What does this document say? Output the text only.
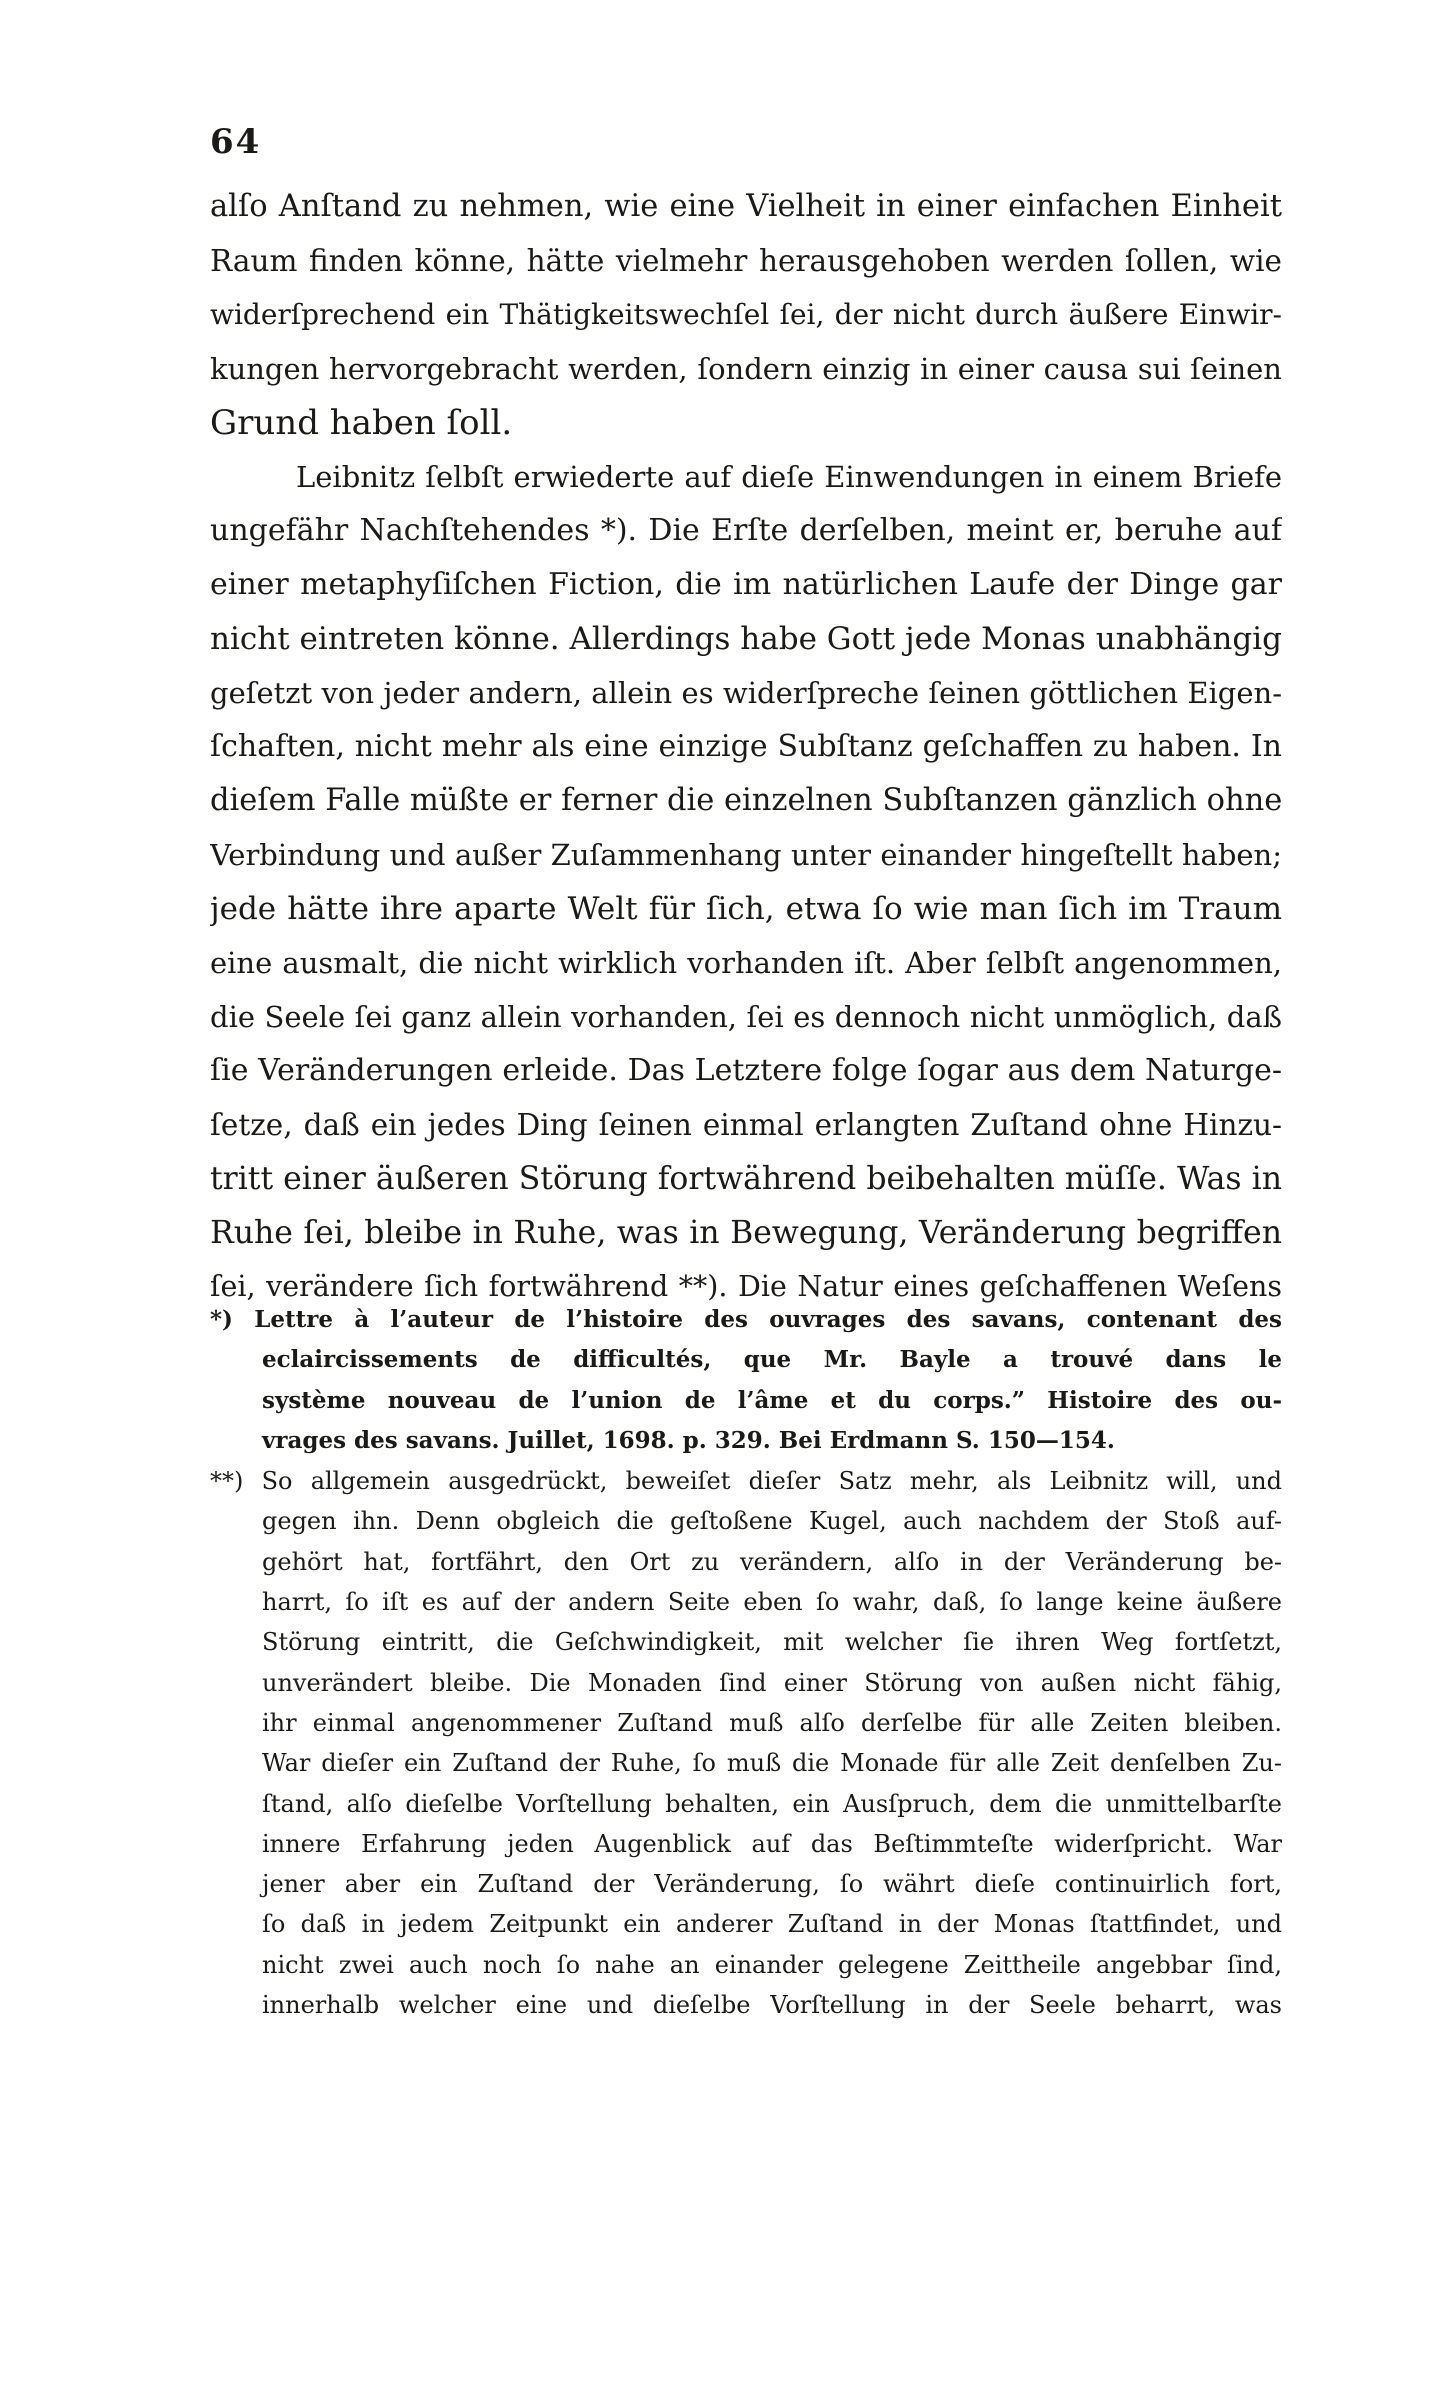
64
alſo Anſtand zu nehmen, wie eine Vielheit in einer einfachen Einheit
Raum finden könne, hätte vielmehr herausgehoben werden ſollen, wie
widerſprechend ein Thätigkeitswechſel ſei, der nicht durch äußere Einwir-
kungen hervorgebracht werden, ſondern einzig in einer causa sui ſeinen
Grund haben ſoll.
Leibnitz ſelbſt erwiederte auf dieſe Einwendungen in einem Briefe
ungefähr Nachſtehendes *). Die Erſte derſelben, meint er, beruhe auf
einer metaphyſiſchen Fiction, die im natürlichen Laufe der Dinge gar
nicht eintreten könne. Allerdings habe Gott jede Monas unabhängig
geſetzt von jeder andern, allein es widerſpreche ſeinen göttlichen Eigen-
ſchaften, nicht mehr als eine einzige Subſtanz geſchaffen zu haben. In
dieſem Falle müßte er ferner die einzelnen Subſtanzen gänzlich ohne
Verbindung und außer Zuſammenhang unter einander hingeſtellt haben;
jede hätte ihre aparte Welt für ſich, etwa ſo wie man ſich im Traum
eine ausmalt, die nicht wirklich vorhanden iſt. Aber ſelbſt angenommen,
die Seele ſei ganz allein vorhanden, ſei es dennoch nicht unmöglich, daß
ſie Veränderungen erleide. Das Letztere folge ſogar aus dem Naturge-
ſetze, daß ein jedes Ding ſeinen einmal erlangten Zuſtand ohne Hinzu-
tritt einer äußeren Störung fortwährend beibehalten müſſe. Was in
Ruhe ſei, bleibe in Ruhe, was in Bewegung, Veränderung begriffen
ſei, verändere ſich fortwährend **). Die Natur eines geſchaffenen Weſens
*) Lettre à l’auteur de l’histoire des ouvrages des savans, contenant des
eclaircissements de difficultés, que Mr. Bayle a trouvé dans le
système nouveau de l’union de l’âme et du corps.” Histoire des ou-
vrages des savans. Juillet, 1698. p. 329. Bei Erdmann S. 150—154.
**) So allgemein ausgedrückt, beweiſet dieſer Satz mehr, als Leibnitz will, und
gegen ihn. Denn obgleich die geſtoßene Kugel, auch nachdem der Stoß auf-
gehört hat, fortfährt, den Ort zu verändern, alſo in der Veränderung be-
harrt, ſo iſt es auf der andern Seite eben ſo wahr, daß, ſo lange keine äußere
Störung eintritt, die Geſchwindigkeit, mit welcher ſie ihren Weg fortſetzt,
unverändert bleibe. Die Monaden ſind einer Störung von außen nicht fähig,
ihr einmal angenommener Zuſtand muß alſo derſelbe für alle Zeiten bleiben.
War dieſer ein Zuſtand der Ruhe, ſo muß die Monade für alle Zeit denſelben Zu-
ſtand, alſo dieſelbe Vorſtellung behalten, ein Ausſpruch, dem die unmittelbarſte
innere Erfahrung jeden Augenblick auf das Beſtimmteſte widerſpricht. War
jener aber ein Zuſtand der Veränderung, ſo währt dieſe continuirlich fort,
ſo daß in jedem Zeitpunkt ein anderer Zuſtand in der Monas ſtattfindet, und
nicht zwei auch noch ſo nahe an einander gelegene Zeittheile angebbar ſind,
innerhalb welcher eine und dieſelbe Vorſtellung in der Seele beharrt, was
